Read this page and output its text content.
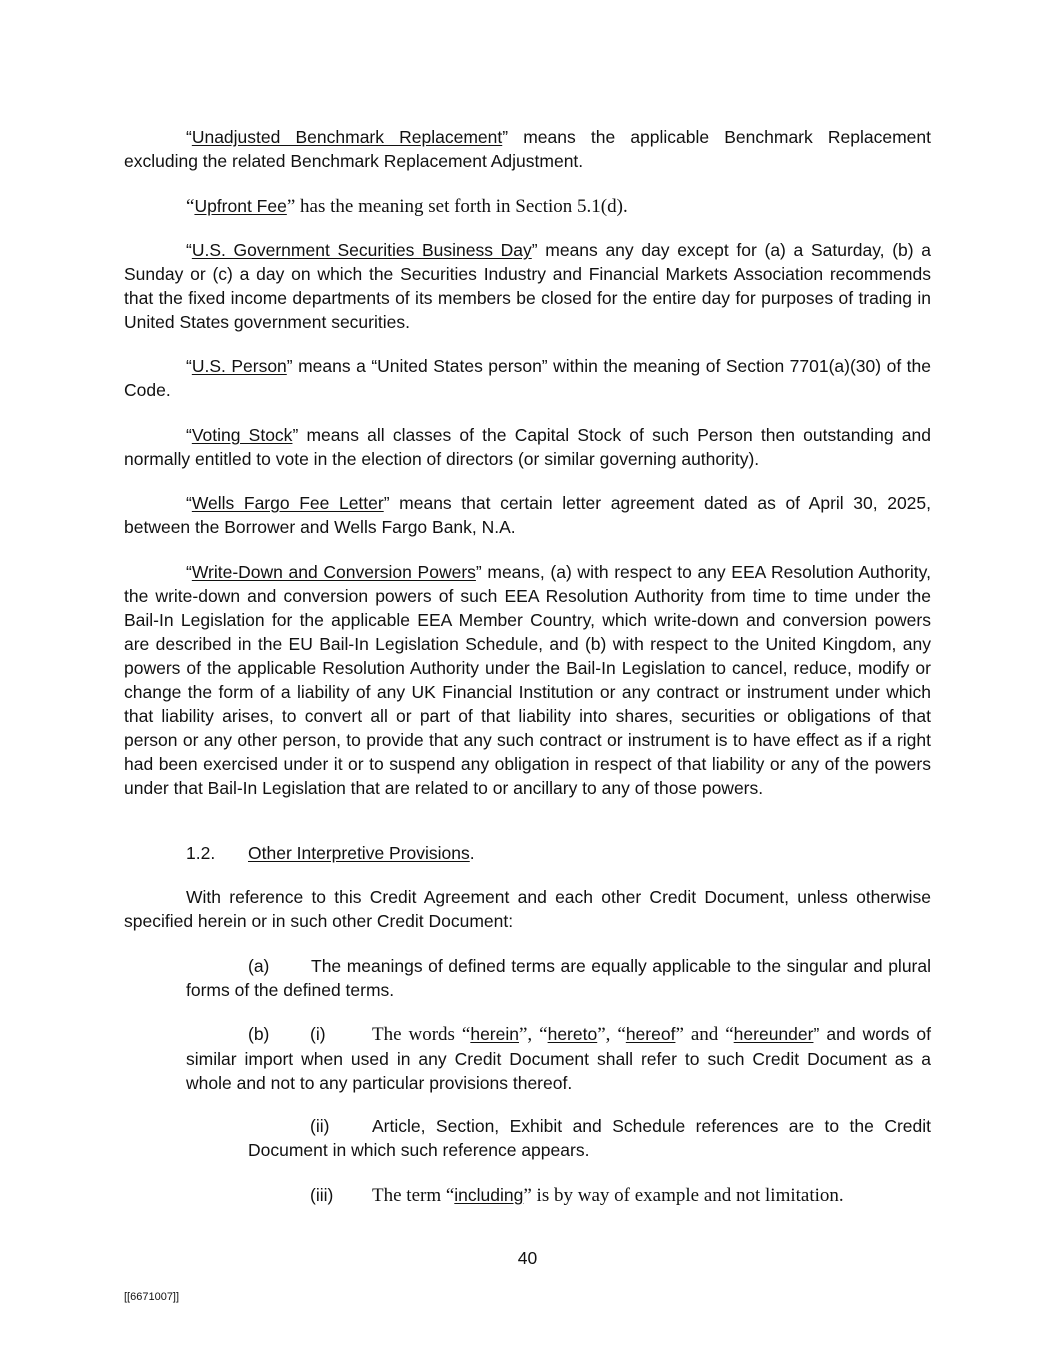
“Unadjusted Benchmark Replacement” means the applicable Benchmark Replacement excluding the related Benchmark Replacement Adjustment.

“Upfront Fee” has the meaning set forth in Section 5.1(d).

“U.S. Government Securities Business Day” means any day except for (a) a Saturday, (b) a Sunday or (c) a day on which the Securities Industry and Financial Markets Association recommends that the fixed income departments of its members be closed for the entire day for purposes of trading in United States government securities.

“U.S. Person” means a “United States person” within the meaning of Section 7701(a)(30) of the Code.

“Voting Stock” means all classes of the Capital Stock of such Person then outstanding and normally entitled to vote in the election of directors (or similar governing authority).

“Wells Fargo Fee Letter” means that certain letter agreement dated as of April 30, 2025, between the Borrower and Wells Fargo Bank, N.A.

“Write-Down and Conversion Powers” means, (a) with respect to any EEA Resolution Authority, the write-down and conversion powers of such EEA Resolution Authority from time to time under the Bail-In Legislation for the applicable EEA Member Country, which write-down and conversion powers are described in the EU Bail-In Legislation Schedule, and (b) with respect to the United Kingdom, any powers of the applicable Resolution Authority under the Bail-In Legislation to cancel, reduce, modify or change the form of a liability of any UK Financial Institution or any contract or instrument under which that liability arises, to convert all or part of that liability into shares, securities or obligations of that person or any other person, to provide that any such contract or instrument is to have effect as if a right had been exercised under it or to suspend any obligation in respect of that liability or any of the powers under that Bail-In Legislation that are related to or ancillary to any of those powers.

1.2. Other Interpretive Provisions.

With reference to this Credit Agreement and each other Credit Document, unless otherwise specified herein or in such other Credit Document:

(a) The meanings of defined terms are equally applicable to the singular and plural forms of the defined terms.

(b) (i) The words “herein”, “hereto”, “hereof” and “hereunder” and words of similar import when used in any Credit Document shall refer to such Credit Document as a whole and not to any particular provisions thereof.

(ii) Article, Section, Exhibit and Schedule references are to the Credit Document in which such reference appears.

(iii) The term “including” is by way of example and not limitation.

40
[[6671007]]
